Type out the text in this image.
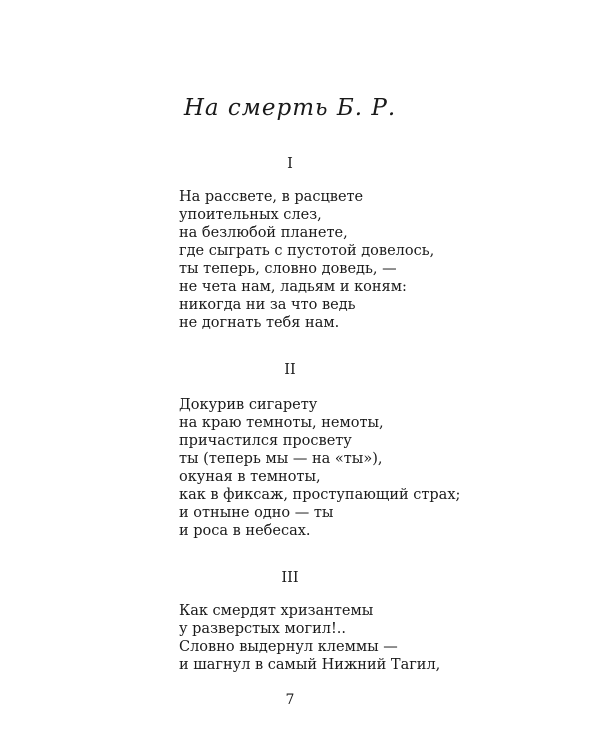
На смерть Б. Р.
I
На рассвете, в расцвете
упоительных слез,
на безлюбой планете,
где сыграть с пустотой довелось,
ты теперь, словно доведь, —
не чета нам, ладьям и коням:
никогда ни за что ведь
не догнать тебя нам.
II
Докурив сигарету
на краю темноты, немоты,
причастился просвету
ты (теперь мы — на «ты»),
окуная в темноты,
как в фиксаж, проступающий страх;
и отныне одно — ты
и роса в небесах.
III
Как смердят хризантемы
у разверстых могил!..
Словно выдернул клеммы —
и шагнул в самый Нижний Тагил,
7
